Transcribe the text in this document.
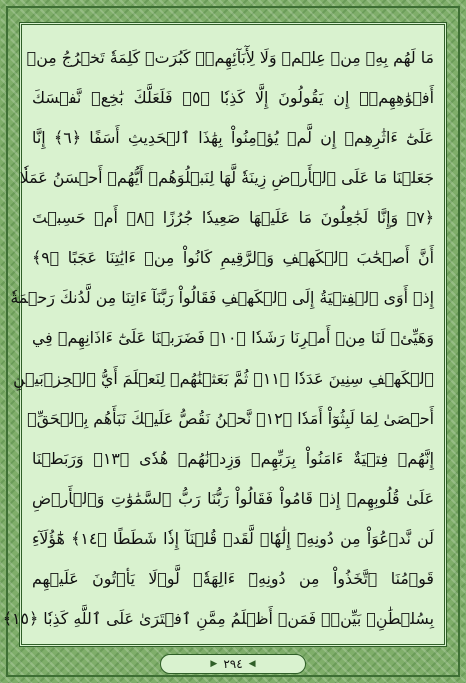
مَا لَهُم بِهِۦ مِنۡ عِلۡمٖ وَلَا لِأٓبَآئِهِمۡۚ كَبُرَتۡ كَلِمَةٗ تَخۡرُجُ مِنۡ
أَفۡوَٰهِهِمۡۚ إِن يَقُولُونَ إِلَّا كَذِبٗا ﴿٥﴾ فَلَعَلَّكَ بَٰخِعٞ نَّفۡسَكَ
عَلَىٰٓ ءَاثَٰرِهِمۡ إِن لَّمۡ يُؤۡمِنُواْ بِهَٰذَا ٱلۡحَدِيثِ أَسَفًا ﴿٦﴾ إِنَّا
جَعَلۡنَا مَا عَلَى ٱلۡأَرۡضِ زِينَةٗ لَّهَا لِنَبۡلُوَهُمۡ أَيُّهُمۡ أَحۡسَنُ عَمَلٗا
﴿٧﴾ وَإِنَّا لَجَٰعِلُونَ مَا عَلَيۡهَا صَعِيدٗا جُرُزًا ﴿٨﴾ أَمۡ حَسِبۡتَ
أَنَّ أَصۡحَٰبَ ٱلۡكَهۡفِ وَٱلرَّقِيمِ كَانُواْ مِنۡ ءَايَٰتِنَا عَجَبًا ﴿٩﴾
إِذۡ أَوَى ٱلۡفِتۡيَةُ إِلَى ٱلۡكَهۡفِ فَقَالُواْ رَبَّنَآ ءَاتِنَا مِن لَّدُنكَ رَحۡمَةٗ
وَهَيِّئۡ لَنَا مِنۡ أَمۡرِنَا رَشَدٗا ﴿١٠﴾ فَضَرَبۡنَا عَلَىٰٓ ءَاذَانِهِمۡ فِي
ٱلۡكَهۡفِ سِنِينَ عَدَدٗا ﴿١١﴾ ثُمَّ بَعَثۡنَٰهُمۡ لِنَعۡلَمَ أَيُّ ٱلۡحِزۡبَيۡنِ
أَحۡصَىٰ لِمَا لَبِثُوٓاْ أَمَدٗا ﴿١٢﴾ نَّحۡنُ نَقُصُّ عَلَيۡكَ نَبَأَهُم بِٱلۡحَقِّۚ
إِنَّهُمۡ فِتۡيَةٌ ءَامَنُواْ بِرَبِّهِمۡ وَزِدۡنَٰهُمۡ هُدٗى ﴿١٣﴾ وَرَبَطۡنَا
عَلَىٰ قُلُوبِهِمۡ إِذۡ قَامُواْ فَقَالُواْ رَبُّنَا رَبُّ ٱلسَّمَٰوَٰتِ وَٱلۡأَرۡضِ
لَن نَّدۡعُوَاْ مِن دُونِهِۦٓ إِلَٰهٗاۖ لَّقَدۡ قُلۡنَآ إِذٗا شَطَطًا ﴿١٤﴾ هَٰٓؤُلَآءِ
قَوۡمُنَا ٱتَّخَذُواْ مِن دُونِهِۦٓ ءَالِهَةٗۖ لَّوۡلَا يَأۡتُونَ عَلَيۡهِم
بِسُلۡطَٰنِۭ بَيِّنٖۖ فَمَنۡ أَظۡلَمُ مِمَّنِ ٱفۡتَرَىٰ عَلَى ٱللَّهِ كَذِبٗا ﴿١٥﴾
◀
٢٩٤
▶
